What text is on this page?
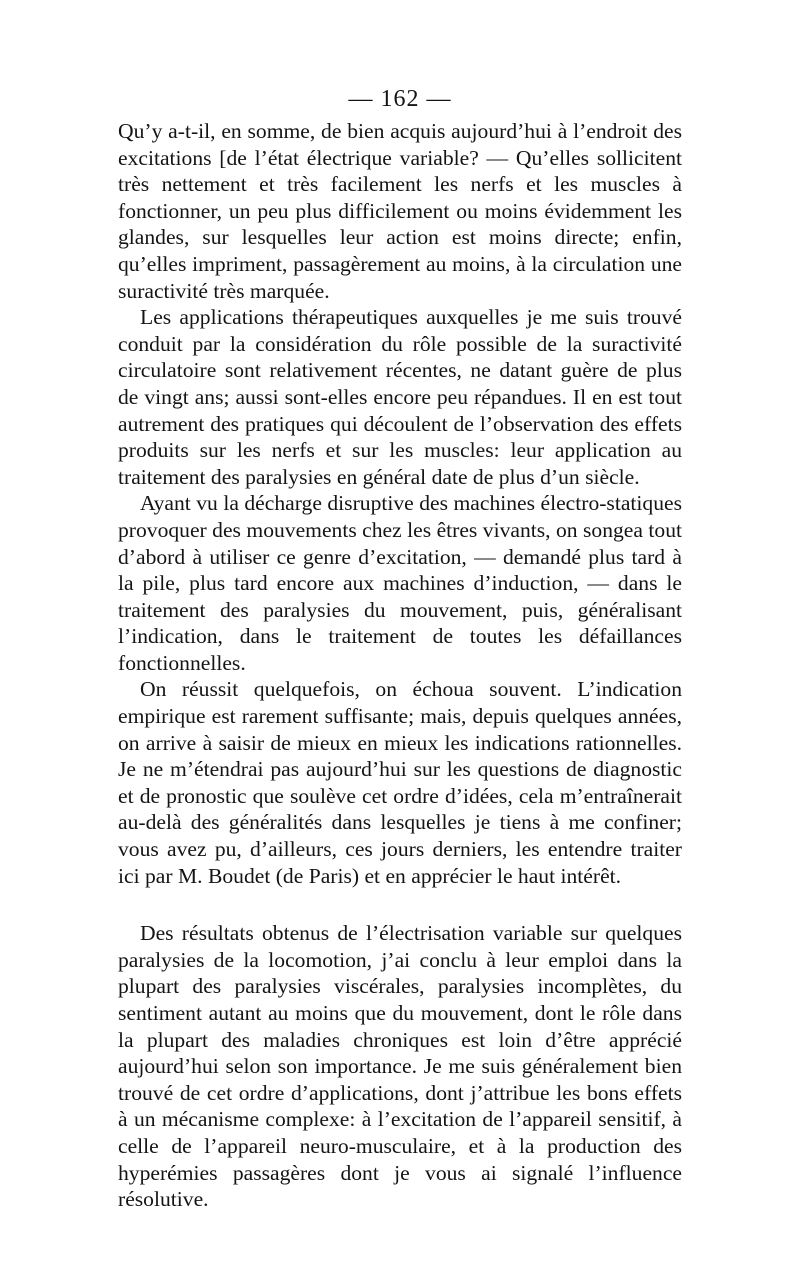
— 162 —

Qu’y a-t-il, en somme, de bien acquis aujourd’hui à l’endroit des excitations [de l’état électrique variable? — Qu’elles sollicitent très nettement et très facilement les nerfs et les muscles à fonctionner, un peu plus difficilement ou moins évidemment les glandes, sur lesquelles leur action est moins directe; enfin, qu’elles impriment, passagèrement au moins, à la circulation une suractivité très marquée.

Les applications thérapeutiques auxquelles je me suis trouvé conduit par la considération du rôle possible de la suractivité circulatoire sont relativement récentes, ne datant guère de plus de vingt ans; aussi sont-elles encore peu répandues. Il en est tout autrement des pratiques qui découlent de l’observation des effets produits sur les nerfs et sur les muscles: leur application au traitement des paralysies en général date de plus d’un siècle.

Ayant vu la décharge disruptive des machines électro-statiques provoquer des mouvements chez les êtres vivants, on songea tout d’abord à utiliser ce genre d’excitation, — demandé plus tard à la pile, plus tard encore aux machines d’induction, — dans le traitement des paralysies du mouvement, puis, généralisant l’indication, dans le traitement de toutes les défaillances fonctionnelles.

On réussit quelquefois, on échoua souvent. L’indication empirique est rarement suffisante; mais, depuis quelques années, on arrive à saisir de mieux en mieux les indications rationnelles. Je ne m’étendrai pas aujourd’hui sur les questions de diagnostic et de pronostic que soulève cet ordre d’idées, cela m’entraînerait au-delà des généralités dans lesquelles je tiens à me confiner; vous avez pu, d’ailleurs, ces jours derniers, les entendre traiter ici par M. Boudet (de Paris) et en apprécier le haut intérêt.

Des résultats obtenus de l’électrisation variable sur quelques paralysies de la locomotion, j’ai conclu à leur emploi dans la plupart des paralysies viscérales, paralysies incomplètes, du sentiment autant au moins que du mouvement, dont le rôle dans la plupart des maladies chroniques est loin d’être apprécié aujourd’hui selon son importance. Je me suis généralement bien trouvé de cet ordre d’applications, dont j’attribue les bons effets à un mécanisme complexe: à l’excitation de l’appareil sensitif, à celle de l’appareil neuro-musculaire, et à la production des hyperémies passagères dont je vous ai signalé l’influence résolutive.
